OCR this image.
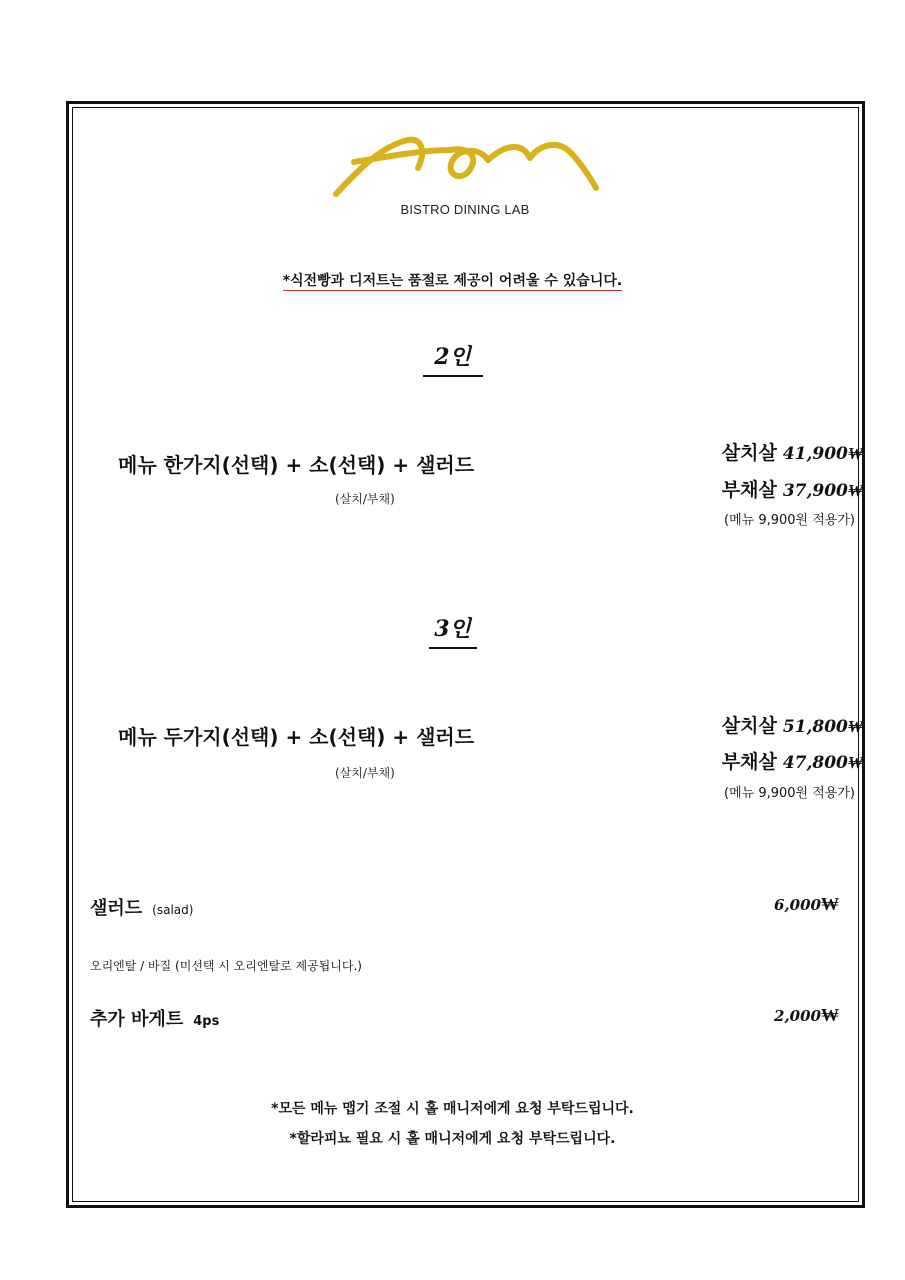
BISTRO DINING LAB
*식전빵과 디저트는 품절로 제공이 어려울 수 있습니다.
2인
메뉴 한가지(선택) + 소(선택) + 샐러드
(살치/부채)
살치살 41,900₩
부채살 37,900₩
(메뉴 9,900원 적용가)
3인
메뉴 두가지(선택) + 소(선택) + 샐러드
(살치/부채)
살치살 51,800₩
부채살 47,800₩
(메뉴 9,900원 적용가)
샐러드 (salad)	6,000₩
오리엔탈 / 바질 (미선택 시 오리엔탈로 제공됩니다.)
추가 바게트 4ps	2,000₩
*모든 메뉴 맵기 조절 시 홀 매니저에게 요청 부탁드립니다.
*할라피뇨 필요 시 홀 매니저에게 요청 부탁드립니다.
